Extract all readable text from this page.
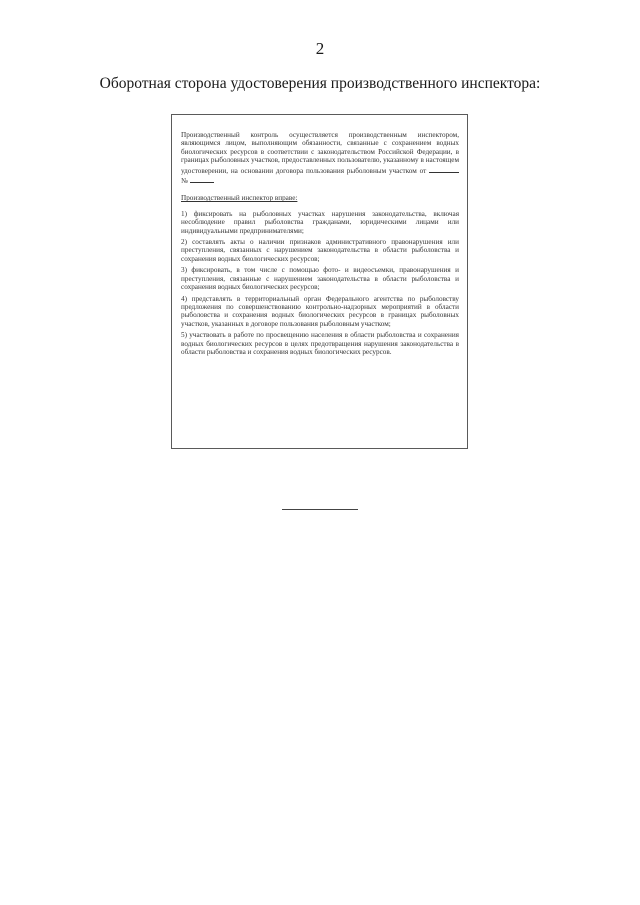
2
Оборотная сторона удостоверения производственного инспектора:

Производственный контроль осуществляется производственным инспектором, являющимся лицом, выполняющим обязанности, связанные с сохранением водных биологических ресурсов в соответствии с законодательством Российской Федерации, в границах рыболовных участков, предоставленных пользователю, указанному в настоящем удостоверении, на основании договора пользования рыболовным участком от  №

Производственный инспектор вправе:

1) фиксировать на рыболовных участках нарушения законодательства, включая несоблюдение правил рыболовства гражданами, юридическими лицами или индивидуальными предпринимателями;

2) составлять акты о наличии признаков административного правонарушения или преступления, связанных с нарушением законодательства в области рыболовства и сохранения водных биологических ресурсов;

3) фиксировать, в том числе с помощью фото- и видеосъемки, правонарушения и преступления, связанные с нарушением законодательства в области рыболовства и сохранения водных биологических ресурсов;

4) представлять в территориальный орган Федерального агентства по рыболовству предложения по совершенствованию контрольно-надзорных мероприятий в области рыболовства и сохранения водных биологических ресурсов в границах рыболовных участков, указанных в договоре пользования рыболовным участком;

5) участвовать в работе по просвещению населения в области рыболовства и сохранения водных биологических ресурсов в целях предотвращения нарушения законодательства в области рыболовства и сохранения водных биологических ресурсов.
